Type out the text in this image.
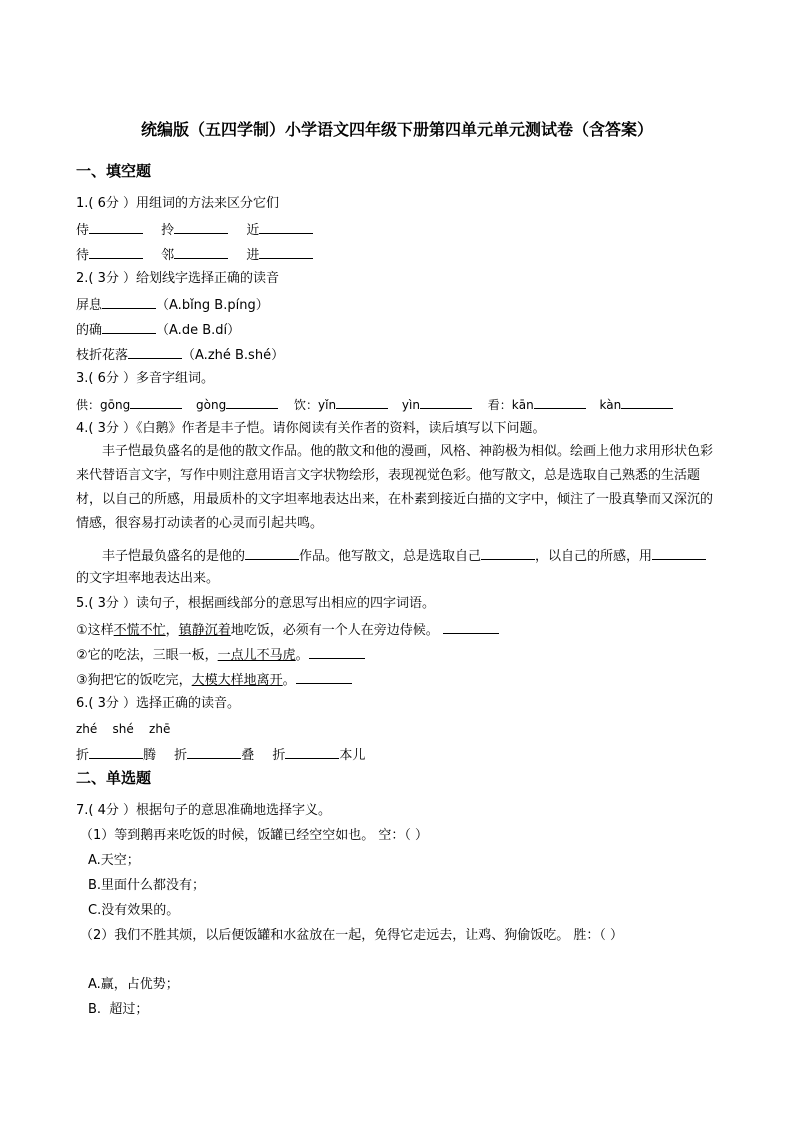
统编版（五四学制）小学语文四年级下册第四单元单元测试卷（含答案）
一、填空题
1.( 6分 ）用组词的方法来区分它们
侍	拎	近
待	邻	进
2.( 3分 ）给划线字选择正确的读音
屏息	（A.bǐng B.píng）
的确	（A.de B.dí）
枝折花落	（A.zhé B.shé）
3.( 6分 ）多音字组词。
供：gōng	gòng	饮：yǐn	yìn	看：kān	kàn
4.( 3分 ）《白鹅》作者是丰子恺。请你阅读有关作者的资料，读后填写以下问题。
丰子恺最负盛名的是他的散文作品。他的散文和他的漫画，风格、神韵极为相似。绘画上他力求用形状色彩来代替语言文字，写作中则注意用语言文字状物绘形，表现视觉色彩。他写散文，总是选取自己熟悉的生活题材，以自己的所感，用最质朴的文字坦率地表达出来，在朴素到接近白描的文字中，倾注了一股真挚而又深沉的情感，很容易打动读者的心灵而引起共鸣。
丰子恺最负盛名的是他的	作品。他写散文，总是选取自己	，以自己的所感，用
的文字坦率地表达出来。
5.( 3分 ）读句子，根据画线部分的意思写出相应的四字词语。
①这样不慌不忙，镇静沉着地吃饭，必须有一个人在旁边侍候。
②它的吃法，三眼一板，一点儿不马虎。
③狗把它的饭吃完，大模大样地离开。
6.( 3分 ）选择正确的读音。
zhé    shé    zhē
折	腾 折	叠 折	本儿
二、单选题
7.( 4分 ）根据句子的意思准确地选择字义。
（1）等到鹅再来吃饭的时候，饭罐已经空空如也。 空：（ ）
A.天空；
B.里面什么都没有；
C.没有效果的。
（2）我们不胜其烦，以后便饭罐和水盆放在一起，免得它走远去，让鸡、狗偷饭吃。 胜：（ ）
A.赢，占优势；
B.  超过；
